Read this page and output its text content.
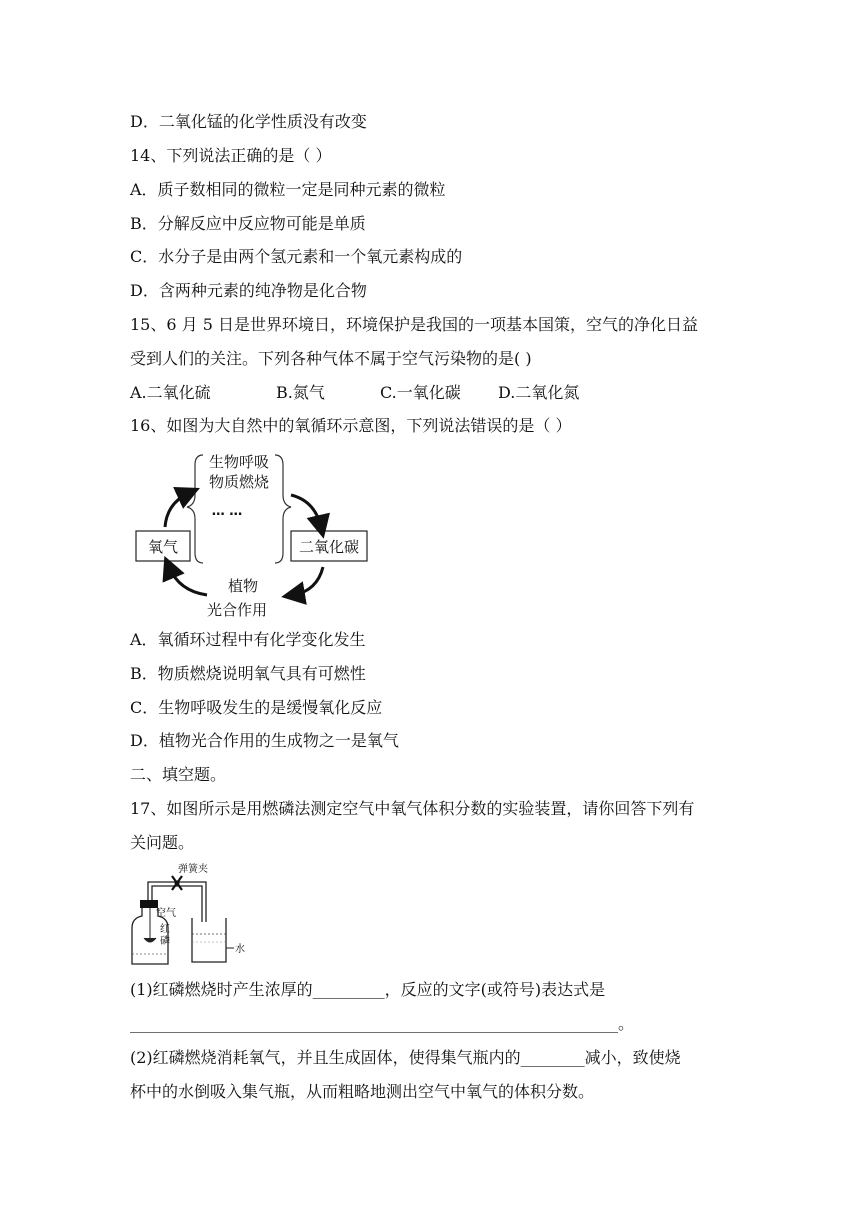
D．二氧化锰的化学性质没有改变
14、下列说法正确的是（ ）
A．质子数相同的微粒一定是同种元素的微粒
B．分解反应中反应物可能是单质
C．水分子是由两个氢元素和一个氧元素构成的
D．含两种元素的纯净物是化合物
15、6 月 5 日是世界环境日，环境保护是我国的一项基本国策，空气的净化日益
受到人们的关注。下列各种气体不属于空气污染物的是( )
A.二氧化硫	B.氮气	C.一氧化碳 D.二氧化氮
16、如图为大自然中的氧循环示意图，下列说法错误的是（ ）
生物呼吸
物质燃烧
… …
氧气	二氧化碳
植物
光合作用
A．氧循环过程中有化学变化发生
B．物质燃烧说明氧气具有可燃性
C．生物呼吸发生的是缓慢氧化反应
D．植物光合作用的生成物之一是氧气
二、填空题。
17、如图所示是用燃磷法测定空气中氧气体积分数的实验装置，请你回答下列有
关问题。
弹簧夹
空气
红
磷
水
(1)红磷燃烧时产生浓厚的_________，反应的文字(或符号)表达式是
_____________________________________________________________。
(2)红磷燃烧消耗氧气，并且生成固体，使得集气瓶内的________减小，致使烧
杯中的水倒吸入集气瓶，从而粗略地测出空气中氧气的体积分数。
